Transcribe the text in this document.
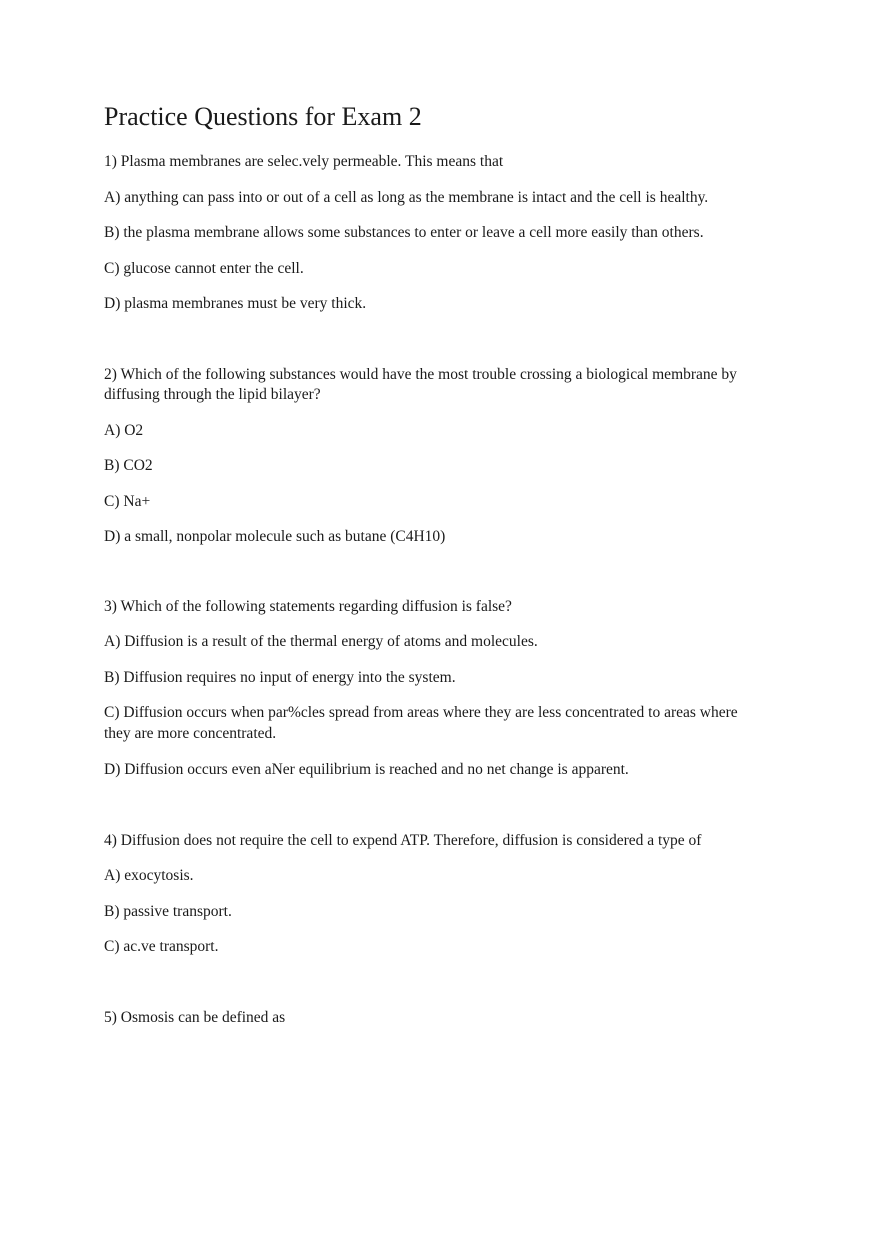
Practice Questions for Exam 2

1) Plasma membranes are selec.vely permeable. This means that

A) anything can pass into or out of a cell as long as the membrane is intact and the cell is healthy.

B) the plasma membrane allows some substances to enter or leave a cell more easily than others.

C) glucose cannot enter the cell.

D) plasma membranes must be very thick.

2) Which of the following substances would have the most trouble crossing a biological membrane by

diffusing through the lipid bilayer?

A) O2

B) CO2

C) Na+

D) a small, nonpolar molecule such as butane (C4H10)

3) Which of the following statements regarding diffusion is false?

A) Diffusion is a result of the thermal energy of atoms and molecules.

B) Diffusion requires no input of energy into the system.

C) Diffusion occurs when par%cles spread from areas where they are less concentrated to areas where

they are more concentrated.

D) Diffusion occurs even aNer equilibrium is reached and no net change is apparent.

4) Diffusion does not require the cell to expend ATP. Therefore, diffusion is considered a type of

A) exocytosis.

B) passive transport.

C) ac.ve transport.

5) Osmosis can be defined as
